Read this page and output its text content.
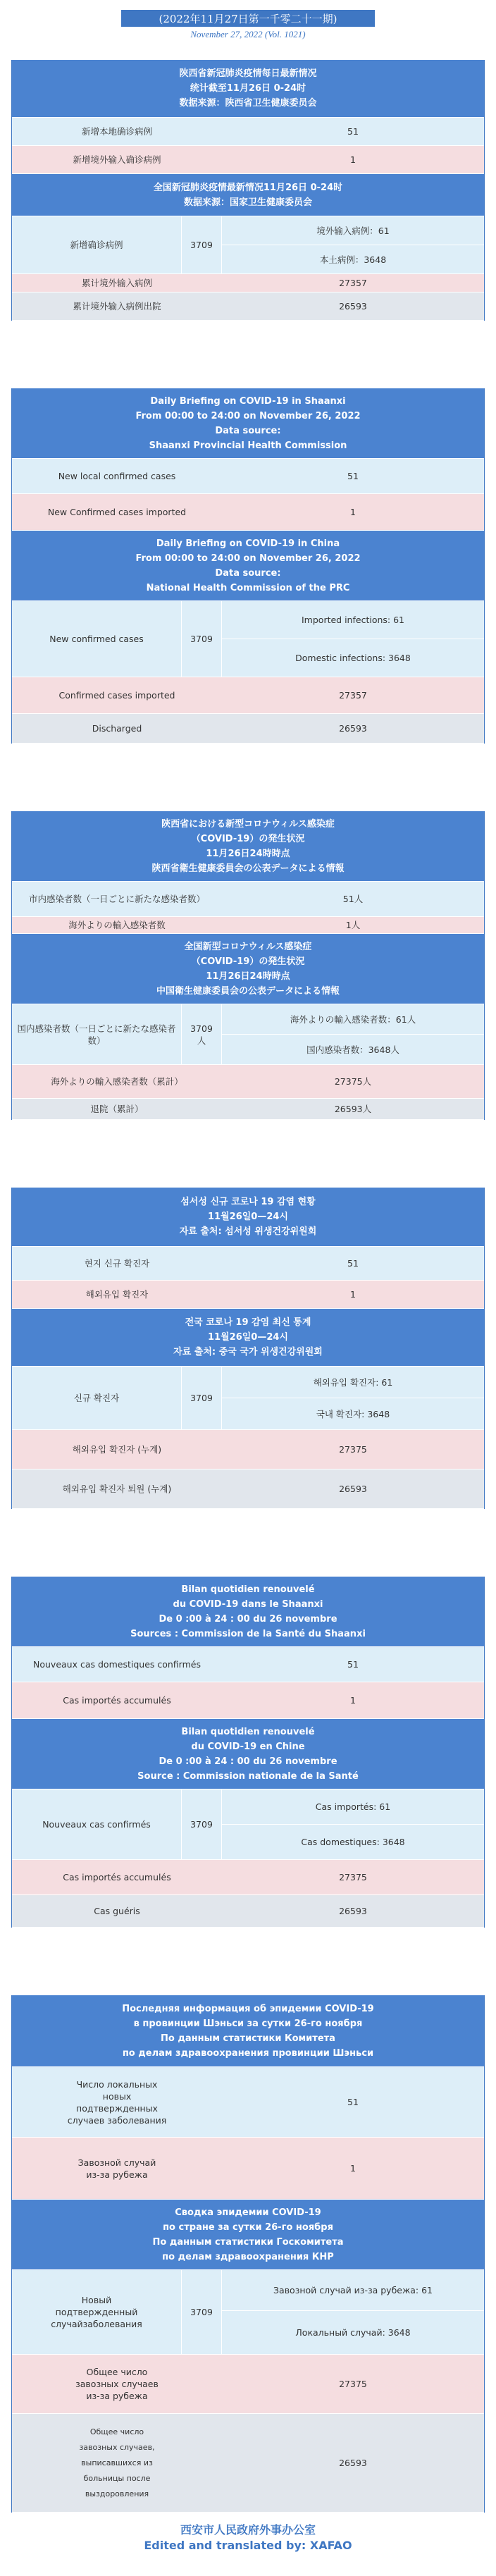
(2022年11月27日第一千零二十一期)
November 27, 2022 (Vol. 1021)
陕西省新冠肺炎疫情每日最新情况
统计截至11月26日 0-24时
数据来源：陕西省卫生健康委员会
新增本地确诊病例	51
新增境外输入确诊病例	1
全国新冠肺炎疫情最新情况11月26日 0-24时
数据来源：国家卫生健康委员会
新增确诊病例	3709
境外输入病例：61
本土病例：3648
累计境外输入病例	27357
累计境外输入病例出院	26593
Daily Briefing on COVID-19 in Shaanxi
From 00:00 to 24:00 on November 26, 2022
Data source:
Shaanxi Provincial Health Commission
New local confirmed cases	51
New Confirmed cases imported	1
Daily Briefing on COVID-19 in China
From 00:00 to 24:00 on November 26, 2022
Data source:
National Health Commission of the PRC
New confirmed cases	3709
Imported infections: 61
Domestic infections: 3648
Confirmed cases imported	27357
Discharged	26593
陝西省における新型コロナウィルス感染症
（COVID-19）の発生状況
11月26日24時時点
陝西省衛生健康委員会の公表データによる情報
市内感染者数（一日ごとに新たな感染者数）	51人
海外よりの輸入感染者数	1人
全国新型コロナウィルス感染症
（COVID-19）の発生状況
11月26日24時時点
中国衛生健康委員会の公表データによる情報
国内感染者数（一日ごとに新たな感染者数）
3709人
海外よりの輸入感染者数：61人
国内感染者数：3648人
海外よりの輸入感染者数（累計）	27375人
退院（累計）	26593人
섬서성 신규 코로나 19 감염 현황
11월26일0—24시
자료 출처: 섬서성 위생건강위원회
현지 신규 확진자	51
해외유입 확진자	1
전국 코로나 19 감염 최신 통계
11월26일0—24시
자료 출처: 중국 국가 위생건강위원회
신규 확진자	3709
해외유입 확진자: 61
국내 확진자: 3648
해외유입 확진자 (누계)	27375
해외유입 확진자 퇴원 (누계)	26593
Bilan quotidien renouvelé
du COVID-19 dans le Shaanxi
De 0 :00 à 24 : 00 du 26 novembre
Sources : Commission de la Santé du Shaanxi
Nouveaux cas domestiques confirmés	51
Cas importés accumulés	1
Bilan quotidien renouvelé
du COVID-19 en Chine
De 0 :00 à 24 : 00 du 26 novembre
Source : Commission nationale de la Santé
Nouveaux cas confirmés	3709
Cas importés: 61
Cas domestiques: 3648
Cas importés accumulés	27375
Cas guéris	26593
Последняя информация об эпидемии COVID-19
в провинции Шэньси за сутки 26-го ноября
По данным статистики Комитета
по делам здравоохранения провинции Шэньси
Число локальных новых подтвержденных случаев заболевания
51
Завозной случай из-за рубежа
1
Сводка эпидемии COVID-19
по стране за сутки 26-го ноября
По данным статистики Госкомитета
по делам здравоохранения КНР
Новый подтвержденный случайзаболевания
3709
Завозной случай из-за рубежа: 61
Локальный случай: 3648
Общее число завозных случаев из-за рубежа
27375
Общее число завозных случаев, выписавшихся из больницы после выздоровления
26593
西安市人民政府外事办公室
Edited and translated by: XAFAO
